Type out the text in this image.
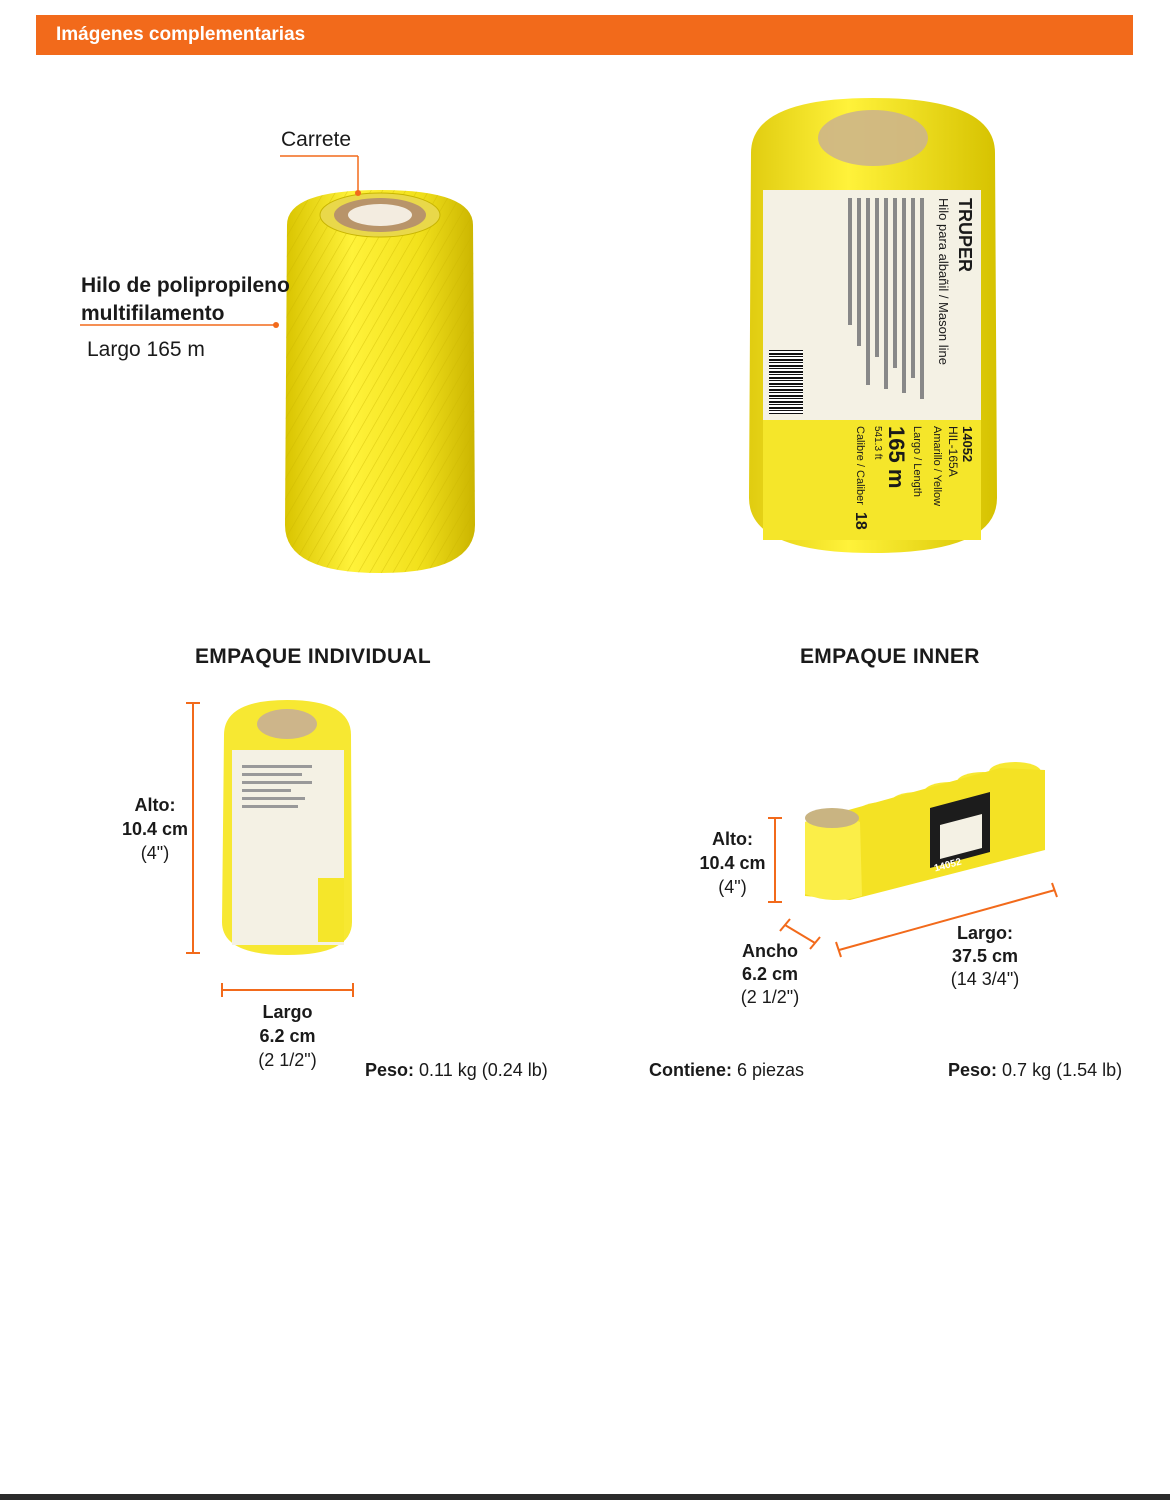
Imágenes complementarias
Carrete
Hilo de polipropileno
multifilamento
Largo 165 m
TRUPER
Hilo para albañil / Mason line
14052
HIL-165A
Amarillo / Yellow
Largo / Length
165 m
541.3 ft
Calibre / Caliber
18
EMPAQUE INDIVIDUAL
Alto:
10.4 cm
(4")
Largo
6.2 cm
(2 1/2")	Peso: 0.11 kg (0.24 lb)
EMPAQUE INNER
14052
Alto:
10.4 cm
(4")
Ancho
6.2 cm
(2 1/2")
Largo:
37.5 cm
(14 3/4")
Contiene: 6 piezas	Peso: 0.7 kg (1.54 lb)
